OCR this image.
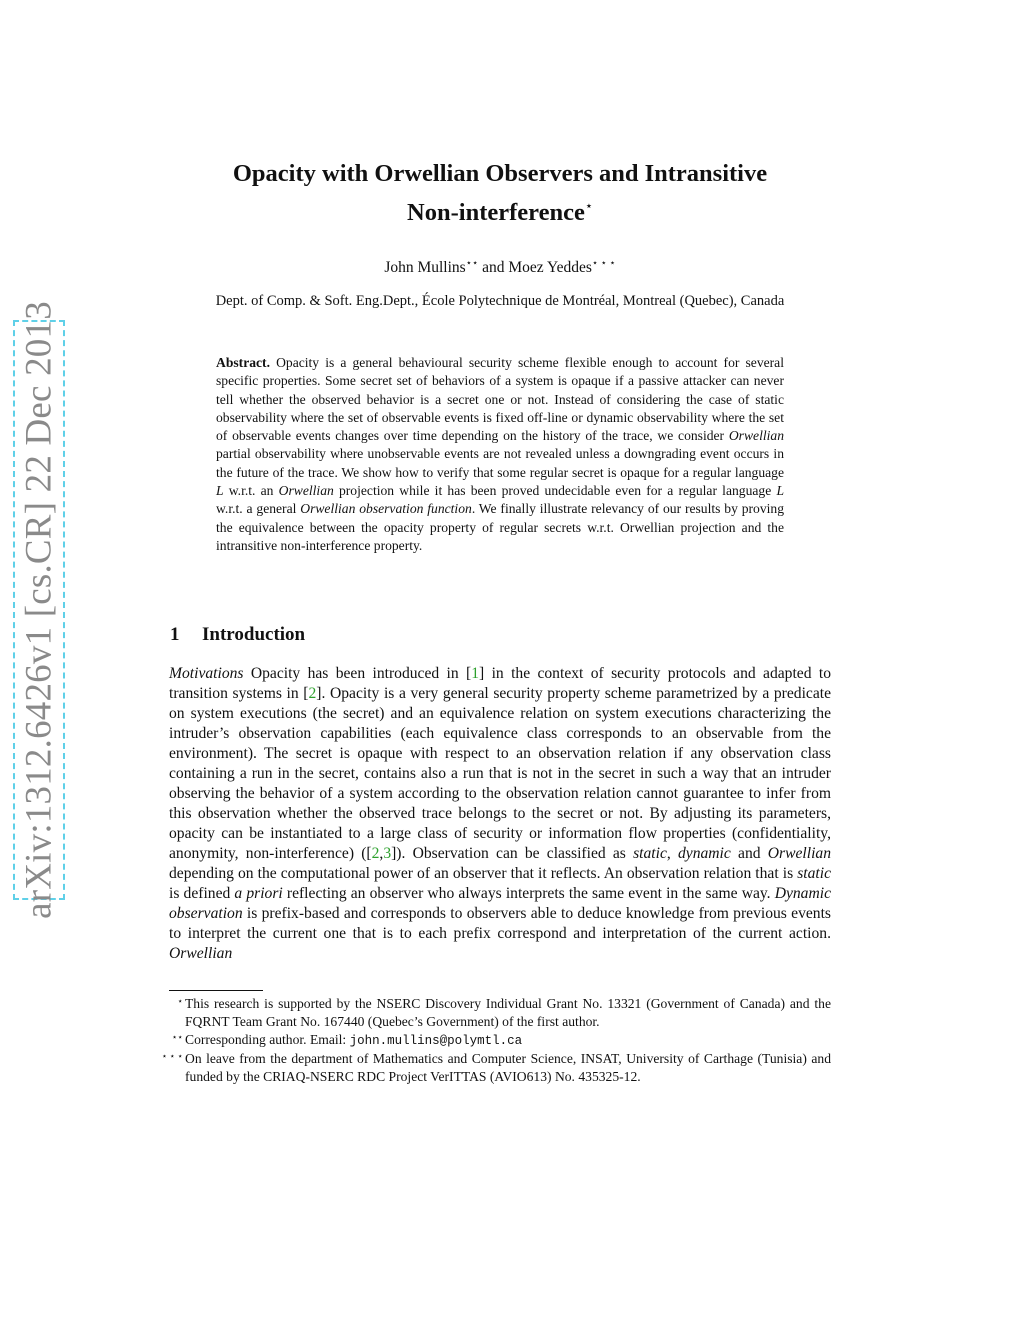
arXiv:1312.6426v1 [cs.CR] 22 Dec 2013
Opacity with Orwellian Observers and Intransitive
Non-interference⋆
John Mullins⋆⋆ and Moez Yeddes⋆ ⋆ ⋆
Dept. of Comp. & Soft. Eng.Dept., École Polytechnique de Montréal, Montreal (Quebec), Canada
Abstract. Opacity is a general behavioural security scheme flexible enough to account for several specific properties. Some secret set of behaviors of a system is opaque if a passive attacker can never tell whether the observed behavior is a secret one or not. Instead of considering the case of static observability where the set of observable events is fixed off-line or dynamic observability where the set of observable events changes over time depending on the history of the trace, we consider Orwellian partial observability where unobservable events are not revealed unless a downgrading event occurs in the future of the trace. We show how to verify that some regular secret is opaque for a regular language L w.r.t. an Orwellian projection while it has been proved undecidable even for a regular language L w.r.t. a general Orwellian observation function. We finally illustrate relevancy of our results by proving the equivalence between the opacity property of regular secrets w.r.t. Orwellian projection and the intransitive non-interference property.
1 Introduction
Motivations Opacity has been introduced in [1] in the context of security protocols and adapted to transition systems in [2]. Opacity is a very general security property scheme parametrized by a predicate on system executions (the secret) and an equivalence relation on system executions characterizing the intruder’s observation capabilities (each equivalence class corresponds to an observable from the environment). The secret is opaque with respect to an observation relation if any observation class containing a run in the secret, contains also a run that is not in the secret in such a way that an intruder observing the behavior of a system according to the observation relation cannot guarantee to infer from this observation whether the observed trace belongs to the secret or not. By adjusting its parameters, opacity can be instantiated to a large class of security or information flow properties (confidentiality, anonymity, non-interference) ([2,3]). Observation can be classified as static, dynamic and Orwellian depending on the computational power of an observer that it reflects. An observation relation that is static is defined a priori reflecting an observer who always interprets the same event in the same way. Dynamic observation is prefix-based and corresponds to observers able to deduce knowledge from previous events to interpret the current one that is to each prefix correspond and interpretation of the current action. Orwellian
⋆ This research is supported by the NSERC Discovery Individual Grant No. 13321 (Government of Canada) and the FQRNT Team Grant No. 167440 (Quebec’s Government) of the first author.
⋆⋆ Corresponding author. Email: john.mullins@polymtl.ca
⋆ ⋆ ⋆ On leave from the department of Mathematics and Computer Science, INSAT, University of Carthage (Tunisia) and funded by the CRIAQ-NSERC RDC Project VerITTAS (AVIO613) No. 435325-12.
